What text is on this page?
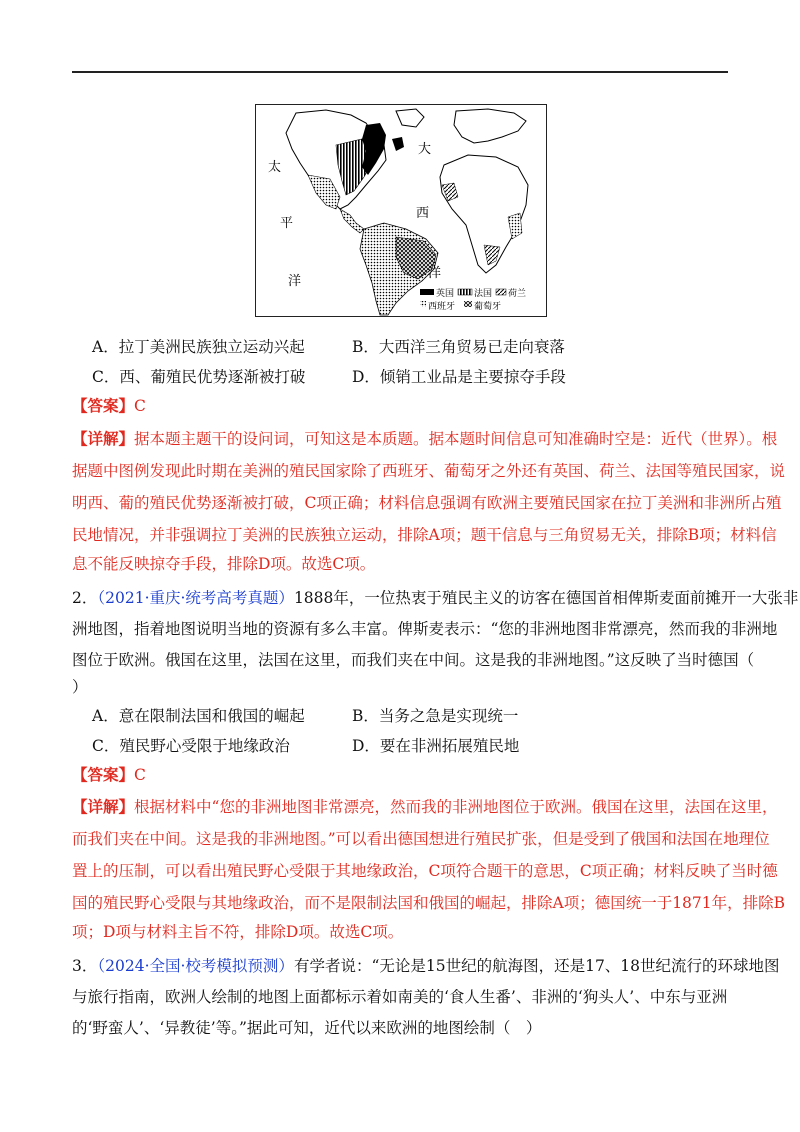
太
平
洋
大
西
洋
英国 法国 荷兰
西班牙 葡萄牙
A．拉丁美洲民族独立运动兴起	B．大西洋三角贸易已走向衰落
C．西、葡殖民优势逐渐被打破	D．倾销工业品是主要掠夺手段
【答案】C
【详解】据本题主题干的设问词，可知这是本质题。据本题时间信息可知准确时空是：近代（世界）。根
据题中图例发现此时期在美洲的殖民国家除了西班牙、葡萄牙之外还有英国、荷兰、法国等殖民国家，说
明西、葡的殖民优势逐渐被打破，C项正确；材料信息强调有欧洲主要殖民国家在拉丁美洲和非洲所占殖
民地情况，并非强调拉丁美洲的民族独立运动，排除A项；题干信息与三角贸易无关，排除B项；材料信
息不能反映掠夺手段，排除D项。故选C项。
2．（2021·重庆·统考高考真题）1888年，一位热衷于殖民主义的访客在德国首相俾斯麦面前摊开一大张非
洲地图，指着地图说明当地的资源有多么丰富。俾斯麦表示：“您的非洲地图非常漂亮，然而我的非洲地
图位于欧洲。俄国在这里，法国在这里，而我们夹在中间。这是我的非洲地图。”这反映了当时德国（
）
A．意在限制法国和俄国的崛起	B．当务之急是实现统一
C．殖民野心受限于地缘政治	D．要在非洲拓展殖民地
【答案】C
【详解】根据材料中“您的非洲地图非常漂亮，然而我的非洲地图位于欧洲。俄国在这里，法国在这里，
而我们夹在中间。这是我的非洲地图。”可以看出德国想进行殖民扩张，但是受到了俄国和法国在地理位
置上的压制，可以看出殖民野心受限于其地缘政治，C项符合题干的意思，C项正确；材料反映了当时德
国的殖民野心受限与其地缘政治，而不是限制法国和俄国的崛起，排除A项；德国统一于1871年，排除B
项；D项与材料主旨不符，排除D项。故选C项。
3．（2024·全国·校考模拟预测）有学者说：“无论是15世纪的航海图，还是17、18世纪流行的环球地图
与旅行指南，欧洲人绘制的地图上面都标示着如南美的‘食人生番’、非洲的‘狗头人’、中东与亚洲
的‘野蛮人’、‘异教徒’等。”据此可知，近代以来欧洲的地图绘制（　）
